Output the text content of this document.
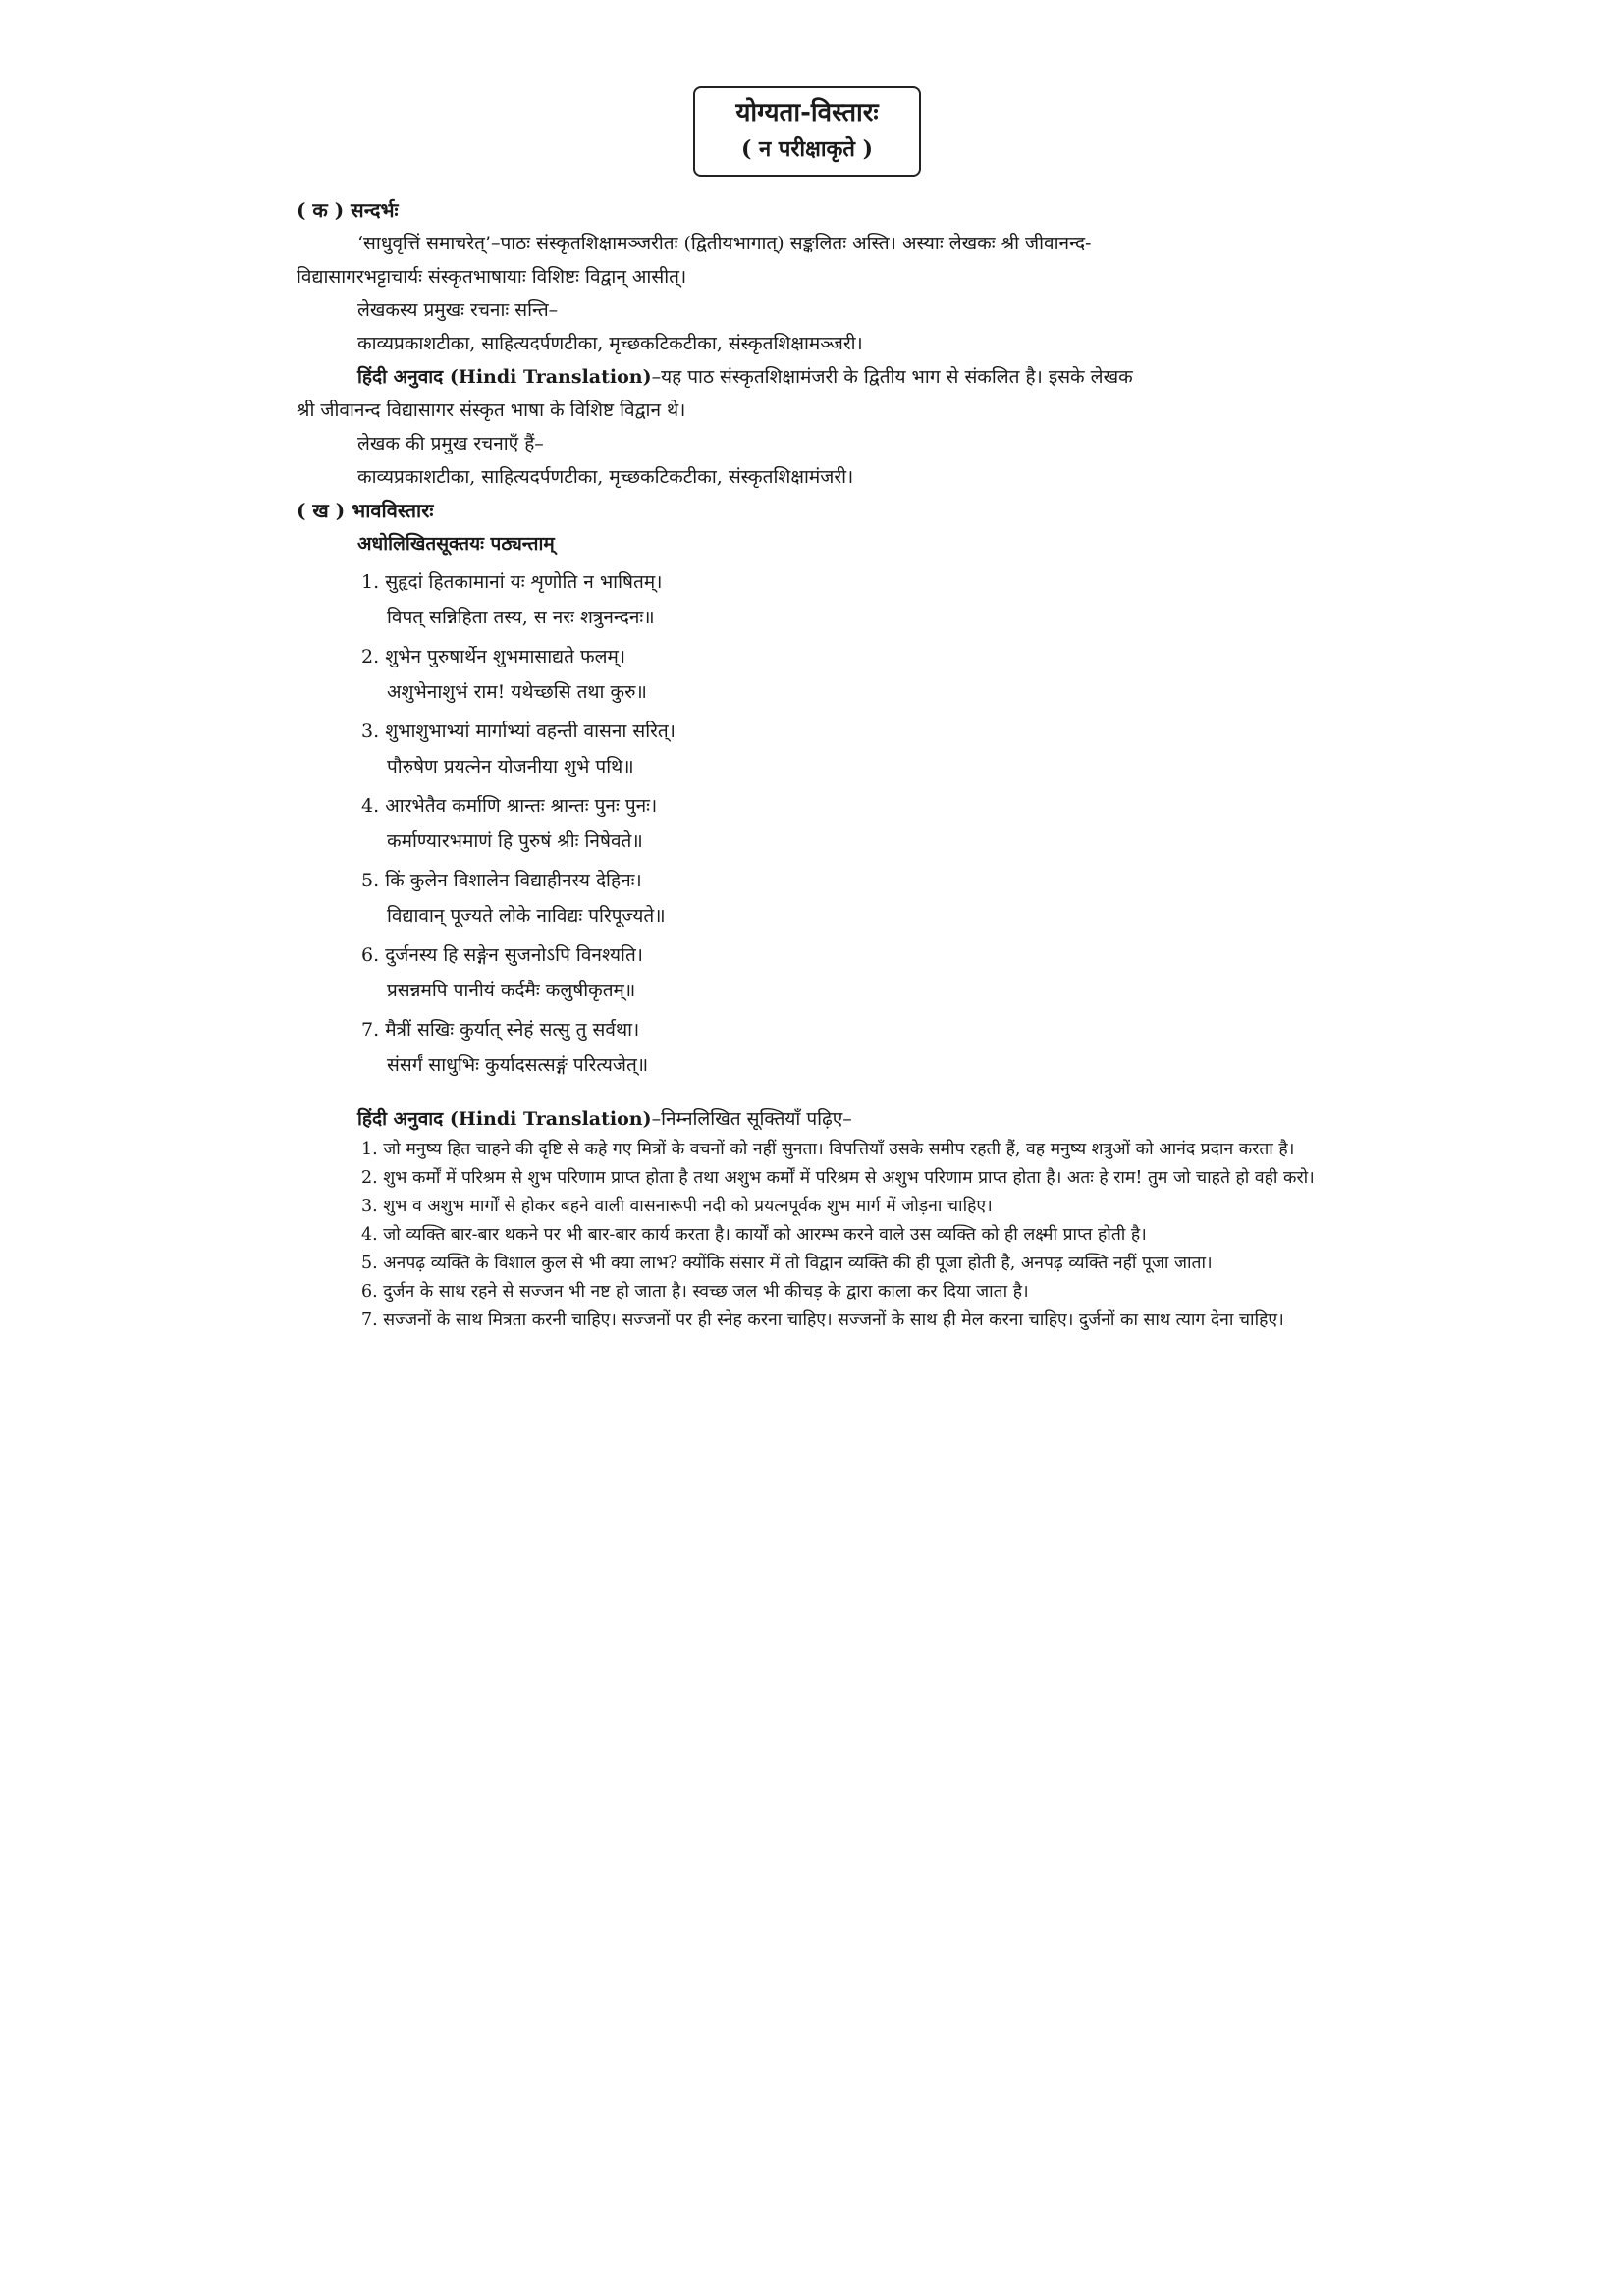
योग्यता-विस्तारः
( न परीक्षाकृते )
( क ) सन्दर्भः
‘साधुवृत्तिं समाचरेत्’–पाठः संस्कृतशिक्षामञ्जरीतः (द्वितीयभागात्) सङ्कलितः अस्ति। अस्याः लेखकः श्री जीवानन्द-
विद्यासागरभट्टाचार्यः संस्कृतभाषायाः विशिष्टः विद्वान् आसीत्।
लेखकस्य प्रमुखः रचनाः सन्ति–
काव्यप्रकाशटीका, साहित्यदर्पणटीका, मृच्छकटिकटीका, संस्कृतशिक्षामञ्जरी।
हिंदी अनुवाद (Hindi Translation)–यह पाठ संस्कृतशिक्षामंजरी के द्वितीय भाग से संकलित है। इसके लेखक
श्री जीवानन्द विद्यासागर संस्कृत भाषा के विशिष्ट विद्वान थे।
लेखक की प्रमुख रचनाएँ हैं–
काव्यप्रकाशटीका, साहित्यदर्पणटीका, मृच्छकटिकटीका, संस्कृतशिक्षामंजरी।
( ख ) भावविस्तारः
अधोलिखितसूक्तयः पठ्यन्ताम्
1. सुहृदां हितकामानां यः शृणोति न भाषितम्।
विपत् सन्निहिता तस्य, स नरः शत्रुनन्दनः॥
2. शुभेन पुरुषार्थेन शुभमासाद्यते फलम्।
अशुभेनाशुभं राम! यथेच्छसि तथा कुरु॥
3. शुभाशुभाभ्यां मार्गाभ्यां वहन्ती वासना सरित्।
पौरुषेण प्रयत्नेन योजनीया शुभे पथि॥
4. आरभेतैव कर्माणि श्रान्तः श्रान्तः पुनः पुनः।
कर्माण्यारभमाणं हि पुरुषं श्रीः निषेवते॥
5. किं कुलेन विशालेन विद्याहीनस्य देहिनः।
विद्यावान् पूज्यते लोके नाविद्यः परिपूज्यते॥
6. दुर्जनस्य हि सङ्गेन सुजनोऽपि विनश्यति।
प्रसन्नमपि पानीयं कर्दमैः कलुषीकृतम्॥
7. मैत्रीं सखिः कुर्यात् स्नेहं सत्सु तु सर्वथा।
संसर्गं साधुभिः कुर्यादसत्सङ्गं परित्यजेत्॥
हिंदी अनुवाद (Hindi Translation)–निम्नलिखित सूक्तियाँ पढ़िए–
1. जो मनुष्य हित चाहने की दृष्टि से कहे गए मित्रों के वचनों को नहीं सुनता। विपत्तियाँ उसके समीप रहती हैं, वह मनुष्य शत्रुओं को आनंद प्रदान करता है।
2. शुभ कर्मों में परिश्रम से शुभ परिणाम प्राप्त होता है तथा अशुभ कर्मों में परिश्रम से अशुभ परिणाम प्राप्त होता है। अतः हे राम! तुम जो चाहते हो वही करो।
3. शुभ व अशुभ मार्गों से होकर बहने वाली वासनारूपी नदी को प्रयत्नपूर्वक शुभ मार्ग में जोड़ना चाहिए।
4. जो व्यक्ति बार-बार थकने पर भी बार-बार कार्य करता है। कार्यों को आरम्भ करने वाले उस व्यक्ति को ही लक्ष्मी प्राप्त होती है।
5. अनपढ़ व्यक्ति के विशाल कुल से भी क्या लाभ? क्योंकि संसार में तो विद्वान व्यक्ति की ही पूजा होती है, अनपढ़ व्यक्ति नहीं पूजा जाता।
6. दुर्जन के साथ रहने से सज्जन भी नष्ट हो जाता है। स्वच्छ जल भी कीचड़ के द्वारा काला कर दिया जाता है।
7. सज्जनों के साथ मित्रता करनी चाहिए। सज्जनों पर ही स्नेह करना चाहिए। सज्जनों के साथ ही मेल करना चाहिए। दुर्जनों का साथ त्याग देना चाहिए।
